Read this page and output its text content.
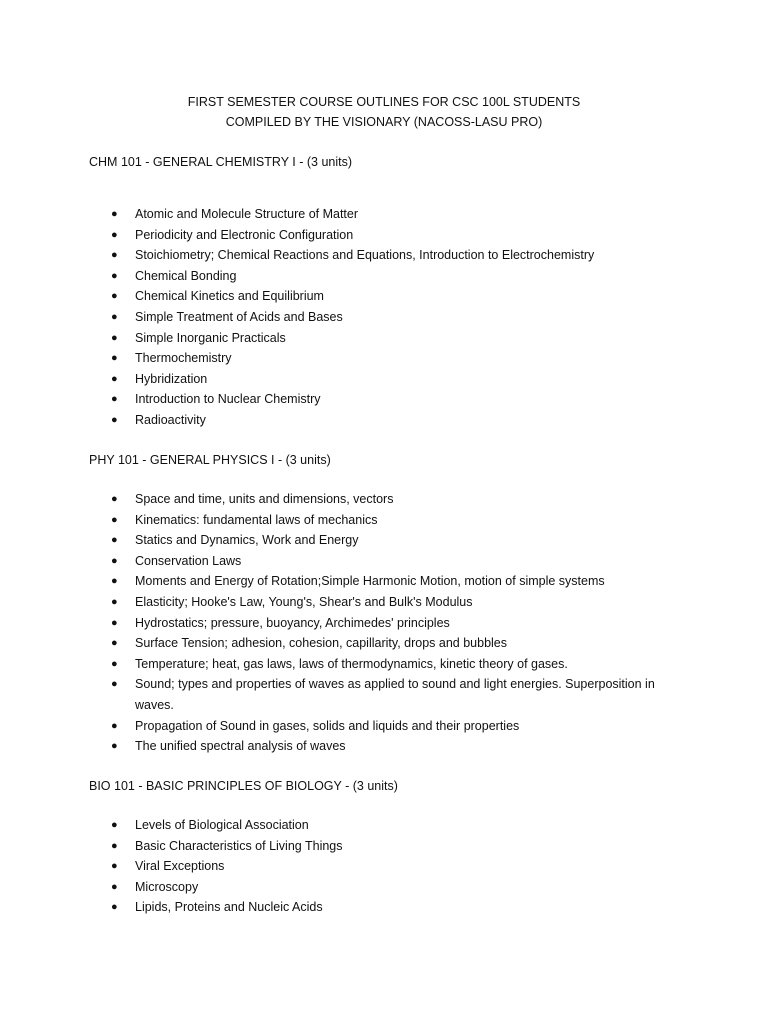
FIRST SEMESTER COURSE OUTLINES FOR CSC 100L STUDENTS
COMPILED BY THE VISIONARY (NACOSS-LASU PRO)
CHM 101 - GENERAL CHEMISTRY I - (3 units)
●	Atomic and Molecule Structure of Matter
●	Periodicity and Electronic Configuration
●	Stoichiometry; Chemical Reactions and Equations, Introduction to Electrochemistry
●	Chemical Bonding
●	Chemical Kinetics and Equilibrium
●	Simple Treatment of Acids and Bases
●	Simple Inorganic Practicals
●	Thermochemistry
●	Hybridization
●	Introduction to Nuclear Chemistry
●	Radioactivity
PHY 101 - GENERAL PHYSICS I - (3 units)
●	Space and time, units and dimensions, vectors
●	Kinematics: fundamental laws of mechanics
●	Statics and Dynamics, Work and Energy
●	Conservation Laws
●	Moments and Energy of Rotation;Simple Harmonic Motion, motion of simple systems
●	Elasticity; Hooke's Law, Young's, Shear's and Bulk's Modulus
●	Hydrostatics; pressure, buoyancy, Archimedes' principles
●	Surface Tension; adhesion, cohesion, capillarity, drops and bubbles
●	Temperature; heat, gas laws, laws of thermodynamics, kinetic theory of gases.
●	Sound; types and properties of waves as applied to sound and light energies. Superposition in waves.
●	Propagation of Sound in gases, solids and liquids and their properties
●	The unified spectral analysis of waves
BIO 101 - BASIC PRINCIPLES OF BIOLOGY - (3 units)
●	Levels of Biological Association
●	Basic Characteristics of Living Things
●	Viral Exceptions
●	Microscopy
●	Lipids, Proteins and Nucleic Acids
